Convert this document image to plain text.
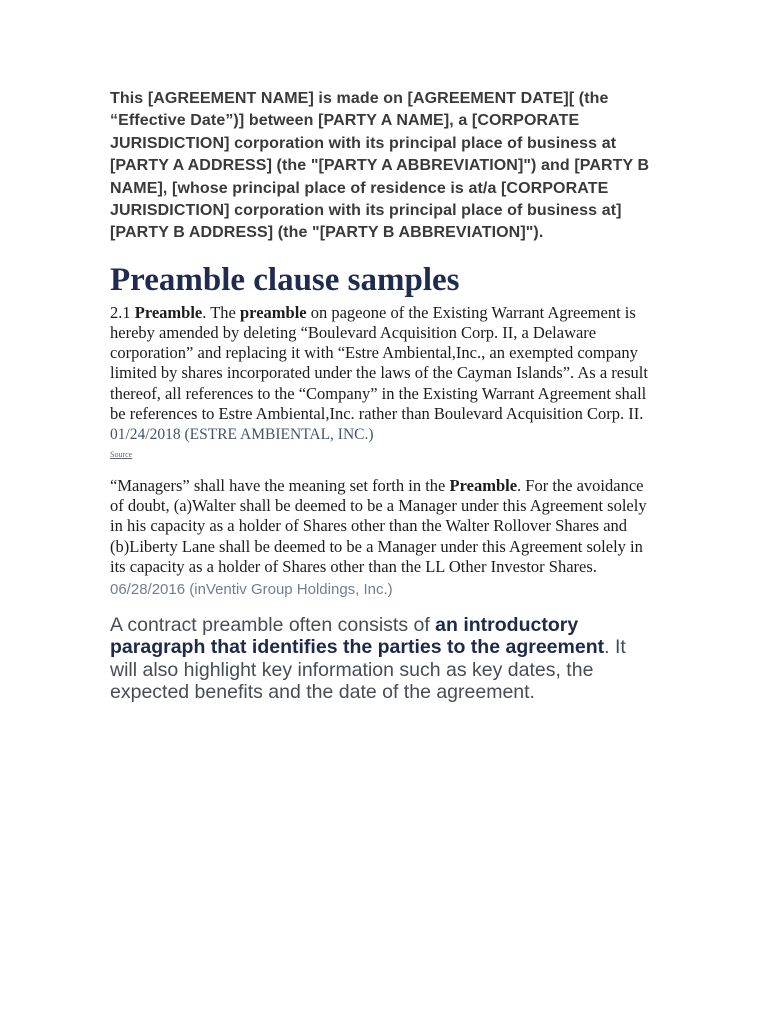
This [AGREEMENT NAME] is made on [AGREEMENT DATE][ (the “Effective Date”)] between [PARTY A NAME], a [CORPORATE JURISDICTION] corporation with its principal place of business at [PARTY A ADDRESS] (the "[PARTY A ABBREVIATION]") and [PARTY B NAME], [whose principal place of residence is at/a [CORPORATE JURISDICTION] corporation with its principal place of business at] [PARTY B ADDRESS] (the "[PARTY B ABBREVIATION]").

Preamble clause samples

2.1 Preamble. The preamble on pageone of the Existing Warrant Agreement is hereby amended by deleting “Boulevard Acquisition Corp. II, a Delaware corporation” and replacing it with “Estre Ambiental,Inc., an exempted company limited by shares incorporated under the laws of the Cayman Islands”. As a result thereof, all references to the “Company” in the Existing Warrant Agreement shall be references to Estre Ambiental,Inc. rather than Boulevard Acquisition Corp. II.

01/24/2018 (ESTRE AMBIENTAL, INC.)
Source

“Managers” shall have the meaning set forth in the Preamble. For the avoidance of doubt, (a)Walter shall be deemed to be a Manager under this Agreement solely in his capacity as a holder of Shares other than the Walter Rollover Shares and (b)Liberty Lane shall be deemed to be a Manager under this Agreement solely in its capacity as a holder of Shares other than the LL Other Investor Shares.

06/28/2016 (inVentiv Group Holdings, Inc.)

A contract preamble often consists of an introductory paragraph that identifies the parties to the agreement. It will also highlight key information such as key dates, the expected benefits and the date of the agreement.
